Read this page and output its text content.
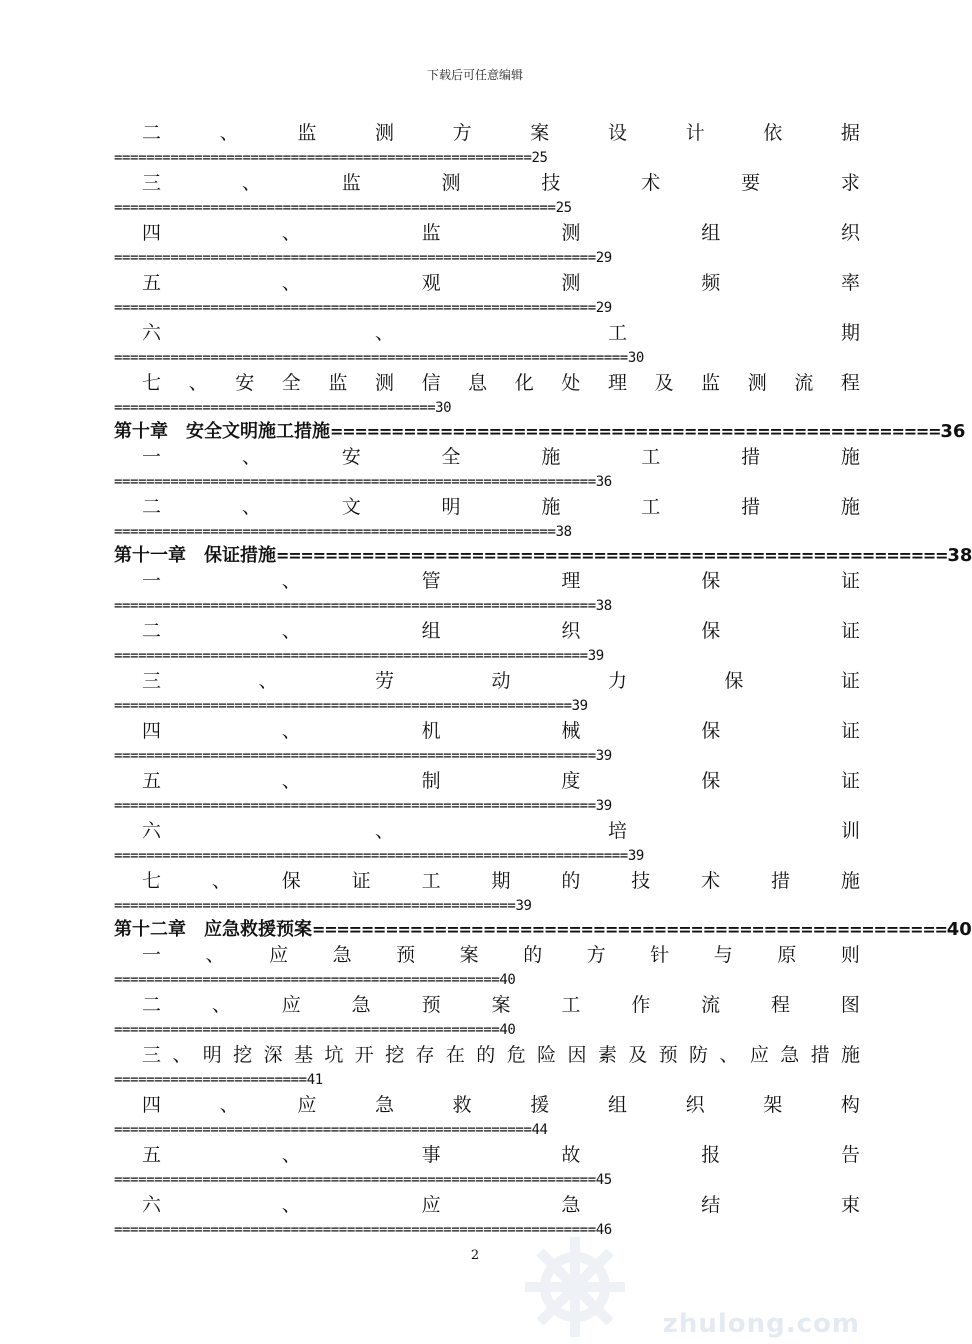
下载后可任意编辑
二	、	监	测	方	案	设	计	依	据
====================================================25
三	、	监	测	技	术	要	求
=======================================================25
四	、	监	测	组	织
============================================================29
五	、	观	测	频	率
============================================================29
六	、	工	期
================================================================30
七 、 安 全 监 测 信 息 化 处 理 及 监 测 流 程
========================================30
第十章　安全文明施工措施==================================================36
一	、	安	全	施	工	措	施
============================================================36
二	、	文	明	施	工	措	施
=======================================================38
第十一章　保证措施=======================================================38
一	、	管	理	保	证
============================================================38
二	、	组	织	保	证
===========================================================39
三	、	劳	动	力	保	证
=========================================================39
四	、	机	械	保	证
============================================================39
五	、	制	度	保	证
============================================================39
六	、	培	训
================================================================39
七	、	保	证	工	期	的	技	术	措	施
==================================================39
第十二章　应急救援预案====================================================40
一 、 应 急 预 案 的 方 针 与 原 则
================================================40
二	、	应	急	预	案	工	作	流	程	图
================================================40
三 、 明 挖 深 基 坑 开 挖 存 在 的 危 险 因 素 及 预 防 、 应 急 措 施
========================41
四	、	应	急	救	援	组	织	架	构
====================================================44
五	、	事	故	报	告
============================================================45
六	、	应	急	结	束
============================================================46
2
zhulong.com
